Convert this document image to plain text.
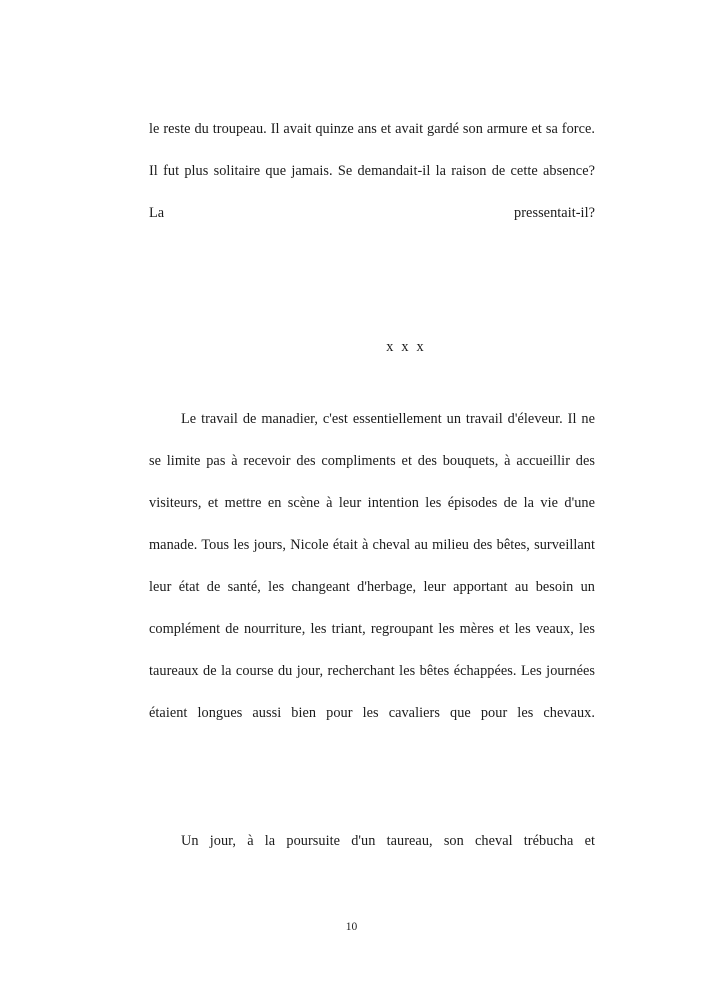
le reste du troupeau. Il avait quinze ans et avait gardé son armure et sa force. Il fut plus solitaire que jamais. Se demandait-il la raison de cette absence? La pressentait-il?

x x x

Le travail de manadier, c'est essentiellement un travail d'éleveur. Il ne se limite pas à recevoir des compliments et des bouquets, à accueillir des visiteurs, et mettre en scène à leur intention les épisodes de la vie d'une manade. Tous les jours, Nicole était à cheval au milieu des bêtes, surveillant leur état de santé, les changeant d'herbage, leur apportant au besoin un complément de nourriture, les triant, regroupant les mères et les veaux, les taureaux de la course du jour, recherchant les bêtes échappées. Les journées étaient longues aussi bien pour les cavaliers que pour les chevaux.

Un jour, à la poursuite d'un taureau, son cheval trébucha et

10
